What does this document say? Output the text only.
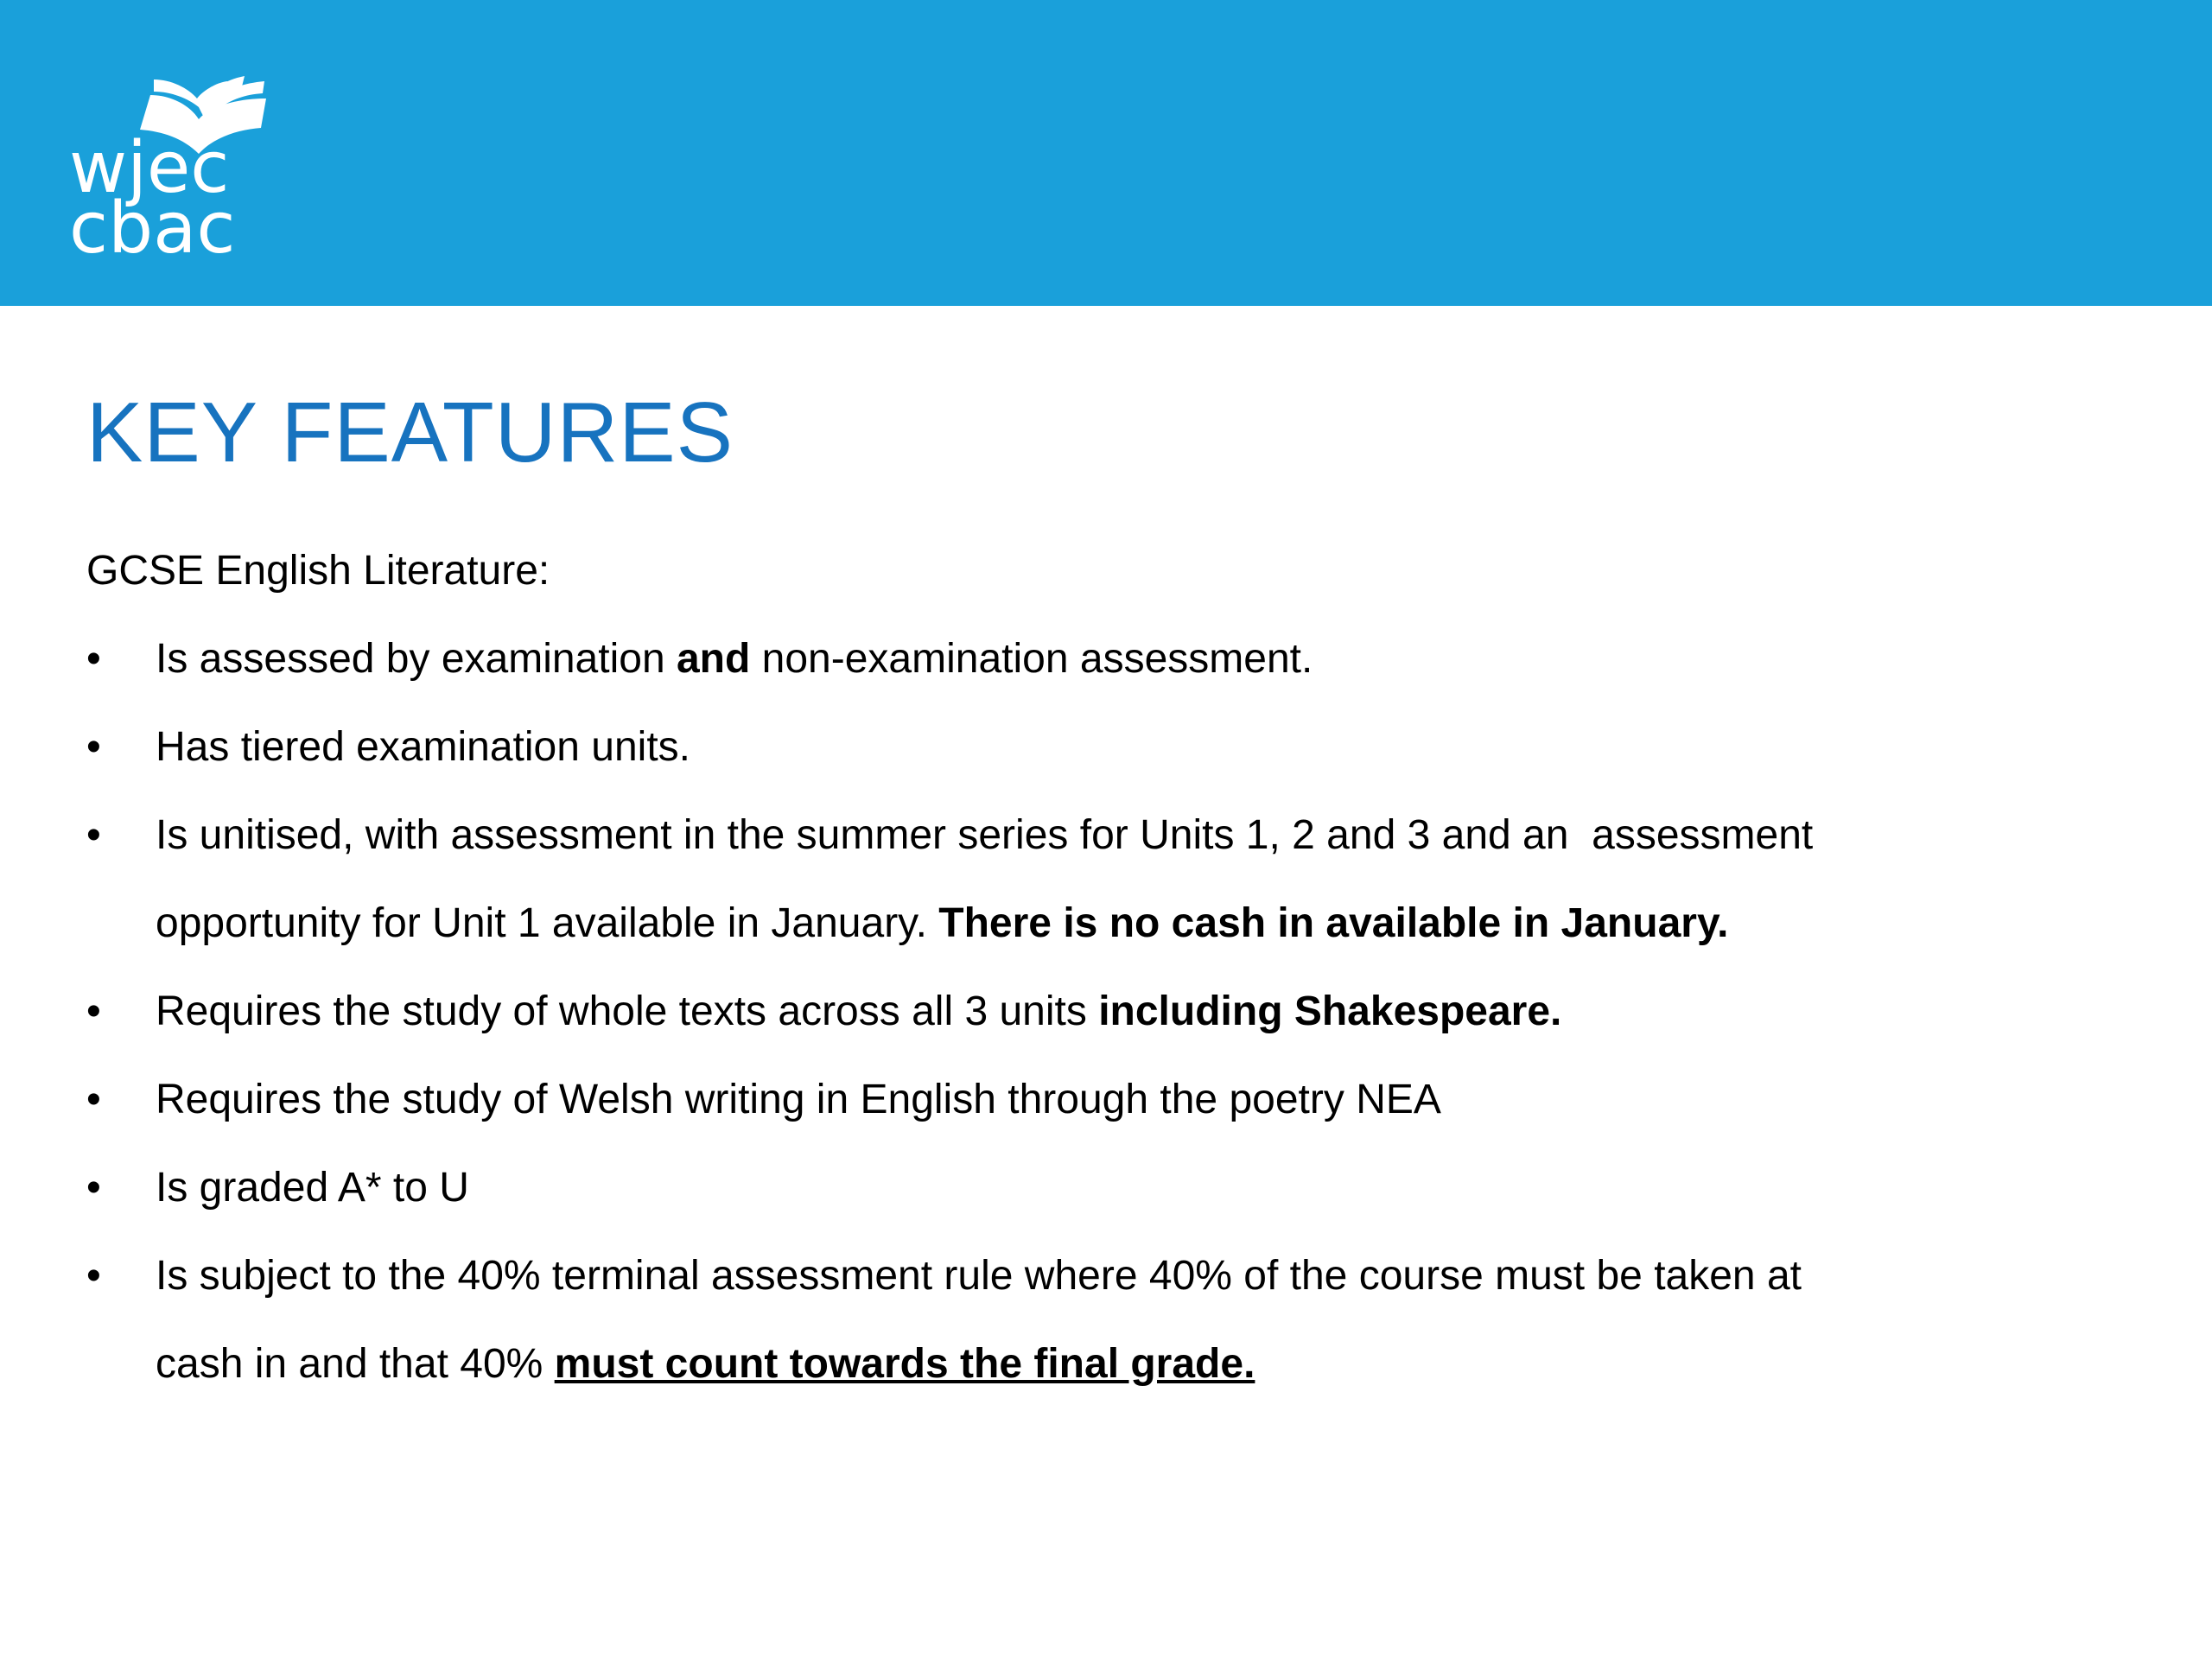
wjec
cbac
KEY FEATURES

GCSE English Literature:

• Is assessed by examination and non-examination assessment.
• Has tiered examination units.
• Is unitised, with assessment in the summer series for Units 1, 2 and 3 and an  assessment
opportunity for Unit 1 available in January. There is no cash in available in January.
• Requires the study of whole texts across all 3 units including Shakespeare.
• Requires the study of Welsh writing in English through the poetry NEA
• Is graded A* to U
• Is subject to the 40% terminal assessment rule where 40% of the course must be taken at
cash in and that 40% must count towards the final grade.
